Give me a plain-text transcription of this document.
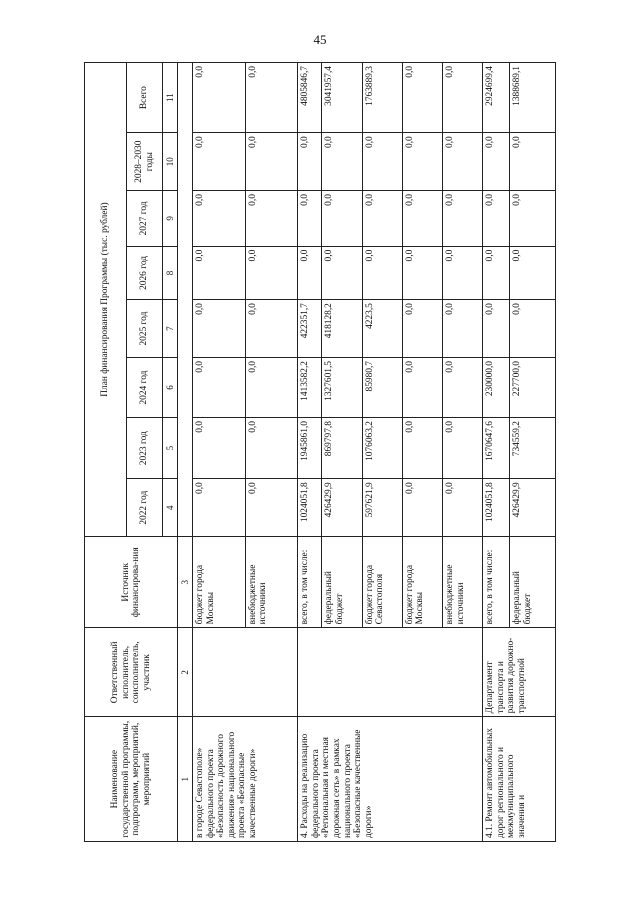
45
Наименование государственной программы, подпрограмм, мероприятий, мероприятий	Ответственный исполнитель, соисполнитель, участник	Источник финансирова-ния	План финансирования Программы (тыс. рублей)							
			2022 год	2023 год	2024 год	2025 год	2026 год	2027 год	2028–2030 годы	Всего
			4	5	6	7	8	9	10	11
1	2	3								
в городе Севастополе» федерального проекта «Безопасность дорожного движения» национального проекта «Безопасные качественные дороги»		бюджет города Москвы	0,0	0,0	0,0	0,0	0,0	0,0	0,0	0,0
		внебюджетные источники	0,0	0,0	0,0	0,0	0,0	0,0	0,0	0,0
4. Расходы на реализацию федерального проекта «Региональная и местная дорожная сеть» в рамках национального проекта «Безопасные качественные дороги»		всего, в том числе:	1024051,8	1945861,0	1413582,2	422351,7	0,0	0,0	0,0	4805846,7
		федеральный бюджет	426429,9	869797,8	1327601,5	418128,2	0,0	0,0	0,0	3041957,4
		бюджет города Севастополя	597621,9	1076063,2	85980,7	4223,5	0,0	0,0	0,0	1763889,3
		бюджет города Москвы	0,0	0,0	0,0	0,0	0,0	0,0	0,0	0,0
		внебюджетные источники	0,0	0,0	0,0	0,0	0,0	0,0	0,0	0,0
4.1. Ремонт автомобильных дорог регионального и межмуниципального значения и	Департамент транспорта и развития дорожно-транспортной	всего, в том числе:	1024051,8	1670647,6	230000,0	0,0	0,0	0,0	0,0	2924699,4
		федеральный бюджет	426429,9	734559,2	227700,0	0,0	0,0	0,0	0,0	1388689,1
